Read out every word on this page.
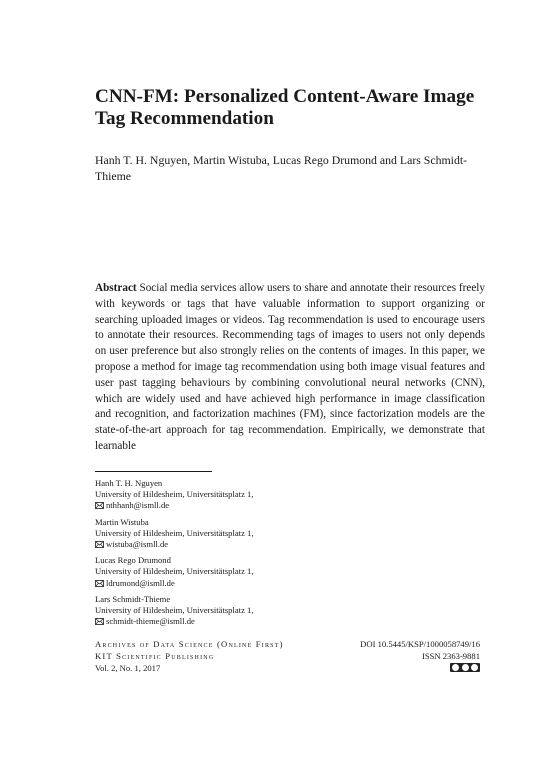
CNN-FM: Personalized Content-Aware Image Tag Recommendation

Hanh T. H. Nguyen, Martin Wistuba, Lucas Rego Drumond and Lars Schmidt-Thieme

Abstract Social media services allow users to share and annotate their resources freely with keywords or tags that have valuable information to support organizing or searching uploaded images or videos. Tag recommendation is used to encourage users to annotate their resources. Recommending tags of images to users not only depends on user preference but also strongly relies on the contents of images. In this paper, we propose a method for image tag recommendation using both image visual features and user past tagging behaviours by combining convolutional neural networks (CNN), which are widely used and have achieved high performance in image classification and recognition, and factorization machines (FM), since factorization models are the state-of-the-art approach for tag recommendation. Empirically, we demonstrate that learnable

Hanh T. H. Nguyen
University of Hildesheim, Universitätsplatz 1,
nthhanh@ismll.de
Martin Wistuba
University of Hildesheim, Universitätsplatz 1,
wistuba@ismll.de
Lucas Rego Drumond
University of Hildesheim, Universitätsplatz 1,
ldrumond@ismll.de
Lars Schmidt-Thieme
University of Hildesheim, Universitätsplatz 1,
schmidt-thieme@ismll.de
Archives of Data Science (Online First)
KIT Scientific Publishing
Vol. 2, No. 1, 2017
DOI 10.5445/KSP/1000058749/16
ISSN 2363-9881
